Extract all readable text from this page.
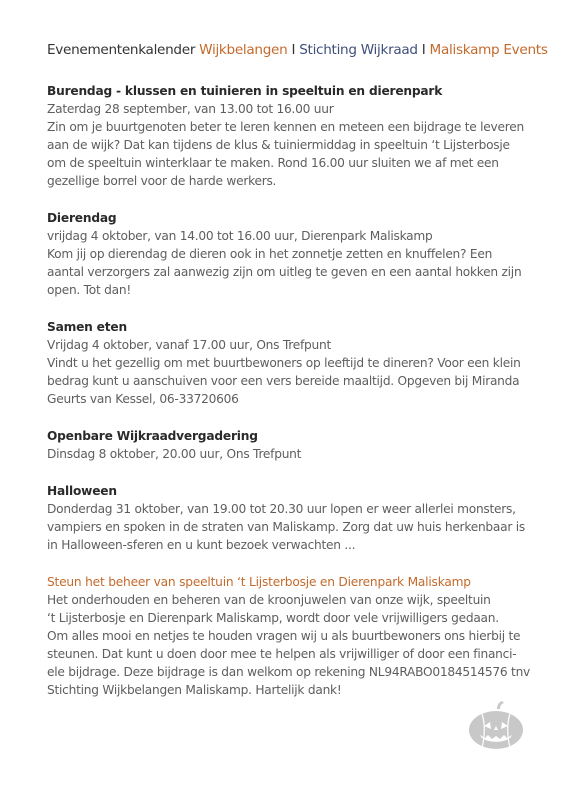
Evenementenkalender Wijkbelangen I Stichting Wijkraad I Maliskamp Events
Burendag - klussen en tuinieren in speeltuin en dierenpark
Zaterdag 28 september, van 13.00 tot 16.00 uur
Zin om je buurtgenoten beter te leren kennen en meteen een bijdrage te leveren
aan de wijk? Dat kan tijdens de klus & tuiniermiddag in speeltuin ‘t Lijsterbosje
om de speeltuin winterklaar te maken. Rond 16.00 uur sluiten we af met een
gezellige borrel voor de harde werkers.
Dierendag
vrijdag 4 oktober, van 14.00 tot 16.00 uur, Dierenpark Maliskamp
Kom jij op dierendag de dieren ook in het zonnetje zetten en knuffelen? Een
aantal verzorgers zal aanwezig zijn om uitleg te geven en een aantal hokken zijn
open. Tot dan!
Samen eten
Vrijdag 4 oktober, vanaf 17.00 uur, Ons Trefpunt
Vindt u het gezellig om met buurtbewoners op leeftijd te dineren? Voor een klein
bedrag kunt u aanschuiven voor een vers bereide maaltijd. Opgeven bij Miranda
Geurts van Kessel, 06-33720606
Openbare Wijkraadvergadering
Dinsdag 8 oktober, 20.00 uur, Ons Trefpunt
Halloween
Donderdag 31 oktober, van 19.00 tot 20.30 uur lopen er weer allerlei monsters,
vampiers en spoken in de straten van Maliskamp. Zorg dat uw huis herkenbaar is
in Halloween-sferen en u kunt bezoek verwachten ...
Steun het beheer van speeltuin ‘t Lijsterbosje en Dierenpark Maliskamp
Het onderhouden en beheren van de kroonjuwelen van onze wijk, speeltuin
‘t Lijsterbosje en Dierenpark Maliskamp, wordt door vele vrijwilligers gedaan.
Om alles mooi en netjes te houden vragen wij u als buurtbewoners ons hierbij te
steunen. Dat kunt u doen door mee te helpen als vrijwilliger of door een financi-
ele bijdrage. Deze bijdrage is dan welkom op rekening NL94RABO0184514576 tnv
Stichting Wijkbelangen Maliskamp. Hartelijk dank!
